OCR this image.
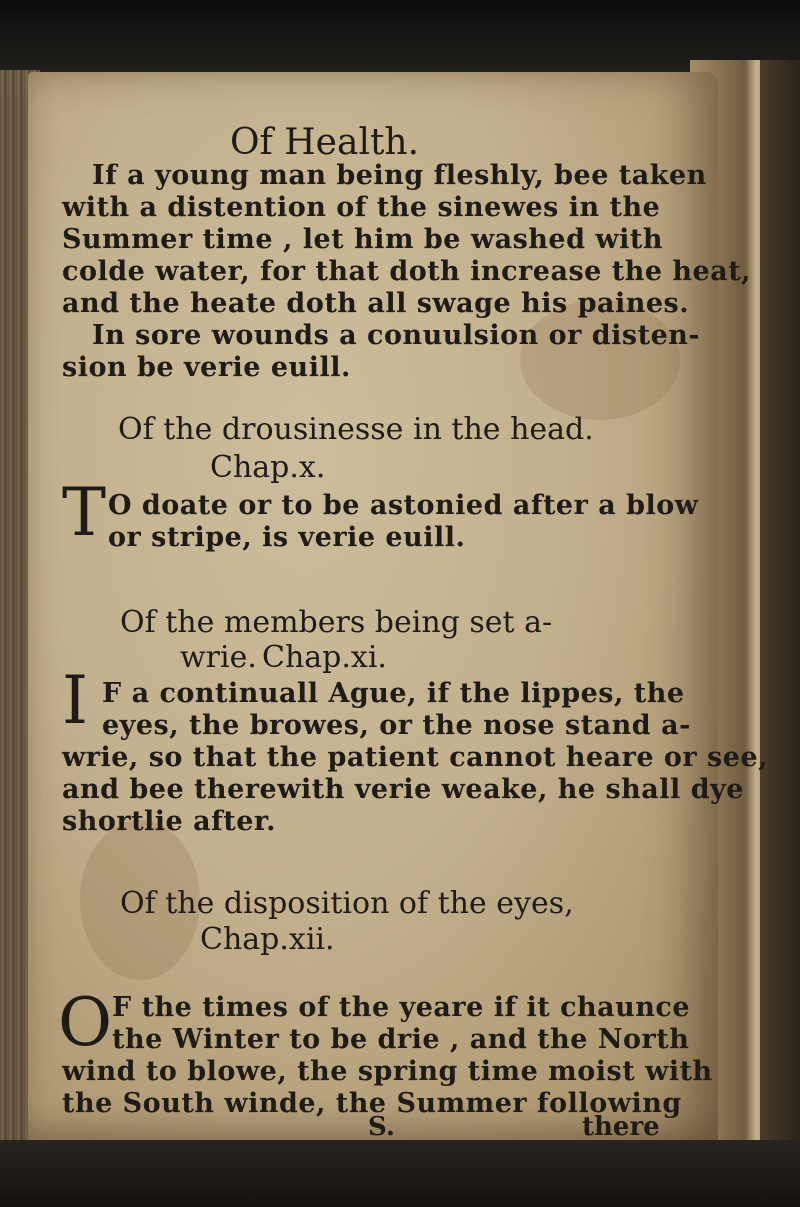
Of Health.
If a young man being fleshly, bee taken
with a distention of the sinewes in the
Summer time , let him be washed with
colde water, for that doth increase the heat,
and the heate doth all swage his paines.
In sore wounds a conuulsion or disten-
sion be verie euill.
Of the drousinesse in the head.
Chap.x.
T O doate or to be astonied after a blow
or stripe, is verie euill.
Of the members being set a-
wrie. Chap.xi.
I F a continuall Ague, if the lippes, the
eyes, the browes, or the nose stand a-
wrie, so that the patient cannot heare or see,
and bee therewith verie weake, he shall dye
shortlie after.
Of the disposition of the eyes,
Chap.xii.
O F the times of the yeare if it chaunce
the Winter to be drie , and the North
wind to blowe, the spring time moist with
the South winde, the Summer following
S.	there
